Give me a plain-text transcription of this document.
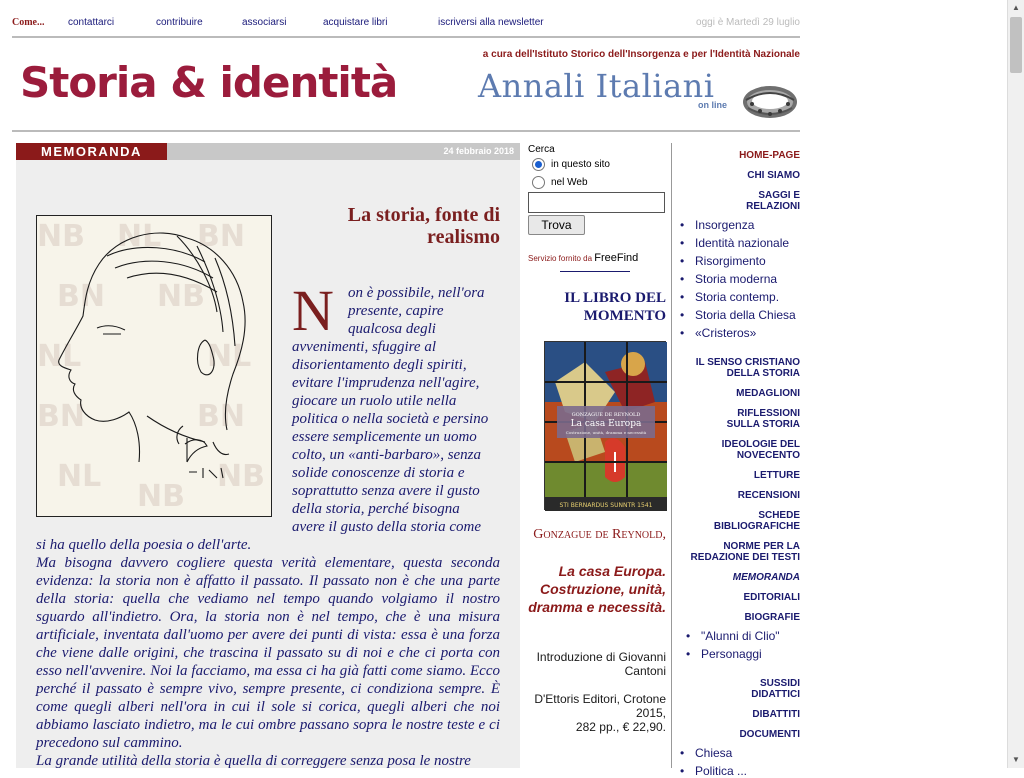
Come... contattarci	contribuire	associarsi	acquistare libri	iscriversi alla newsletter	oggi è Martedì 29 luglio
a cura dell'Istituto Storico dell'Insorgenza e per l'Identità Nazionale
Storia & identità	Annali Italiani
on line
MEMORANDA	24 febbraio 2018
NB NL BN
BN NB
NL	NL
BN	BN
NL
NB
NB
La storia, fonte di realismo
N on è possibile, nell'ora
presente, capire
qualcosa degli
avvenimenti, sfuggire al
disorientamento degli spiriti,
evitare l'imprudenza nell'agire,
giocare un ruolo utile nella
politica o nella società e persino
essere semplicemente un uomo
colto, un «anti-barbaro», senza
solide conoscenze di storia e
soprattutto senza avere il gusto
della storia, perché bisogna
avere il gusto della storia come
si ha quello della poesia o dell'arte.
Ma bisogna davvero cogliere questa verità elementare, questa seconda evidenza: la storia non è affatto il passato. Il passato non è che una parte della storia: quella che vediamo nel tempo quando volgiamo il nostro sguardo all'indietro. Ora, la storia non è nel tempo, che è una misura artificiale, inventata dall'uomo per avere dei punti di vista: essa è una forza che viene dalle origini, che trascina il passato su di noi e che ci porta con esso nell'avvenire. Noi la facciamo, ma essa ci ha già fatti come siamo. Ecco perché il passato è sempre vivo, sempre presente, ci condiziona sempre. È come quegli alberi nell'ora in cui il sole si corica, quegli alberi che noi abbiamo lasciato indietro, ma le cui ombre passano sopra le nostre teste e ci precedono sul cammino.
La grande utilità della storia è quella di correggere senza posa le nostre
Cerca
in questo sito
nel Web
Trova
Servizio fornito da FreeFind
IL LIBRO DEL MOMENTO
GONZAGUE DE REYNOLD
La casa Europa
Costruzione, unità, dramma e necessità
STI BERNARDUS SUNNTR 1541
Gonzague de Reynold,
La casa Europa. Costruzione, unità, dramma e necessità.
Introduzione di Giovanni Cantoni
D'Ettoris Editori, Crotone 2015,
282 pp., € 22,90.
HOME-PAGE
CHI SIAMO
SAGGI E RELAZIONI
• Insorgenza
• Identità nazionale
• Risorgimento
• Storia moderna
• Storia contemp.
• Storia della Chiesa
• «Cristeros»
IL SENSO CRISTIANO DELLA STORIA
MEDAGLIONI
RIFLESSIONI SULLA STORIA
IDEOLOGIE DEL NOVECENTO
LETTURE
RECENSIONI
SCHEDE BIBLIOGRAFICHE
NORME PER LA REDAZIONE DEI TESTI
MEMORANDA
EDITORIALI
BIOGRAFIE
• "Alunni di Clio"
• Personaggi
SUSSIDI DIDATTICI
DIBATTITI
DOCUMENTI
• Chiesa
• Politica ...
▲
▼
